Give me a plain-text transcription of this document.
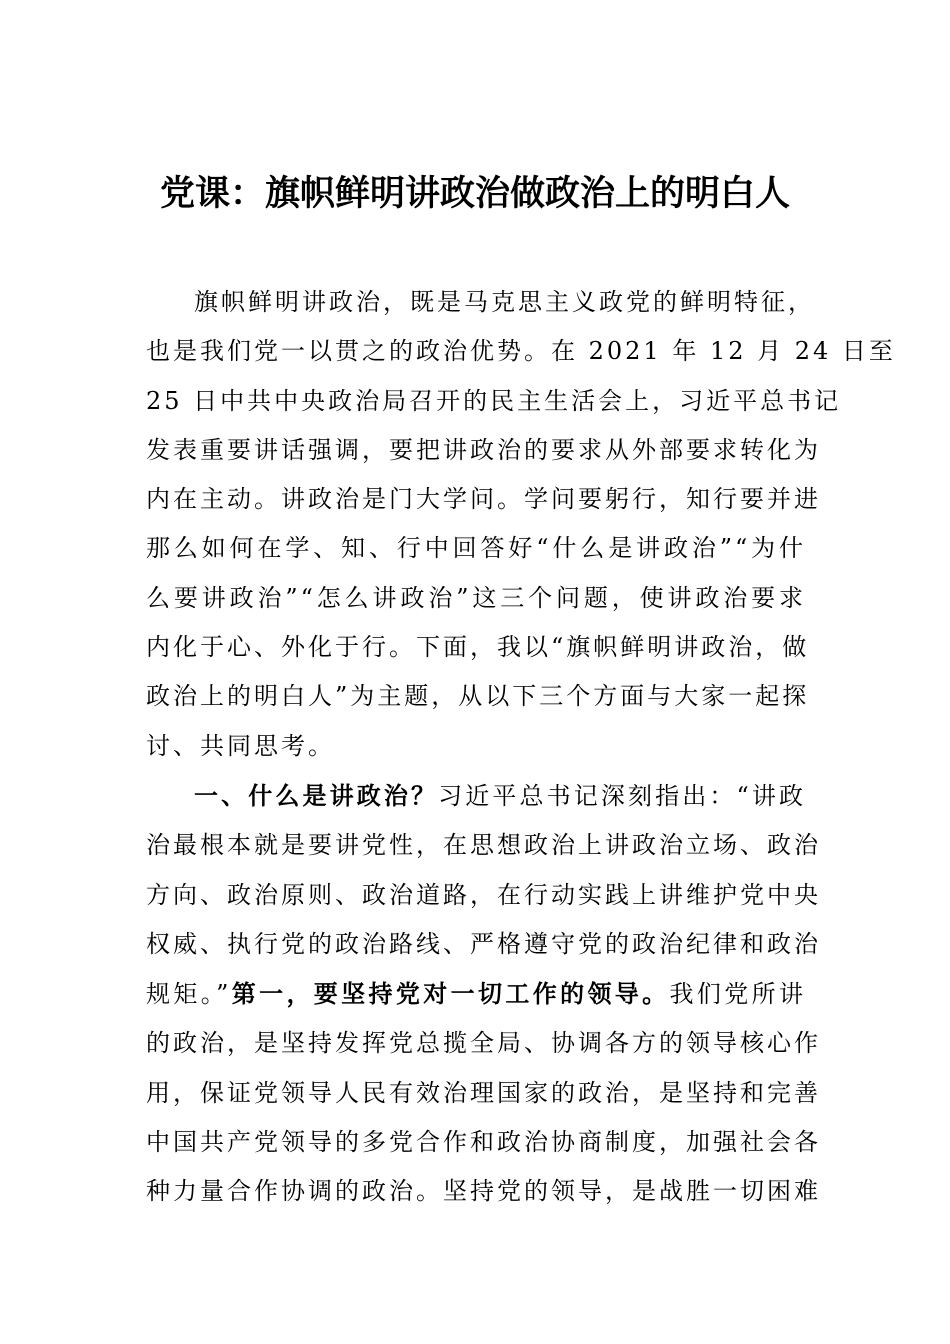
党课：旗帜鲜明讲政治做政治上的明白人
旗帜鲜明讲政治，既是马克思主义政党的鲜明特征，
也是我们党一以贯之的政治优势。在 2021 年 12 月 24 日至
25 日中共中央政治局召开的民主生活会上，习近平总书记
发表重要讲话强调，要把讲政治的要求从外部要求转化为
内在主动。讲政治是门大学问。学问要躬行，知行要并进
那么如何在学、知、行中回答好“什么是讲政治”“为什
么要讲政治”“怎么讲政治”这三个问题，使讲政治要求
内化于心、外化于行。下面，我以“旗帜鲜明讲政治，做
政治上的明白人”为主题，从以下三个方面与大家一起探
讨、共同思考。
一、什么是讲政治？习近平总书记深刻指出：“讲政
治最根本就是要讲党性，在思想政治上讲政治立场、政治
方向、政治原则、政治道路，在行动实践上讲维护党中央
权威、执行党的政治路线、严格遵守党的政治纪律和政治
规矩。”第一，要坚持党对一切工作的领导。我们党所讲
的政治，是坚持发挥党总揽全局、协调各方的领导核心作
用，保证党领导人民有效治理国家的政治，是坚持和完善
中国共产党领导的多党合作和政治协商制度，加强社会各
种力量合作协调的政治。坚持党的领导，是战胜一切困难
